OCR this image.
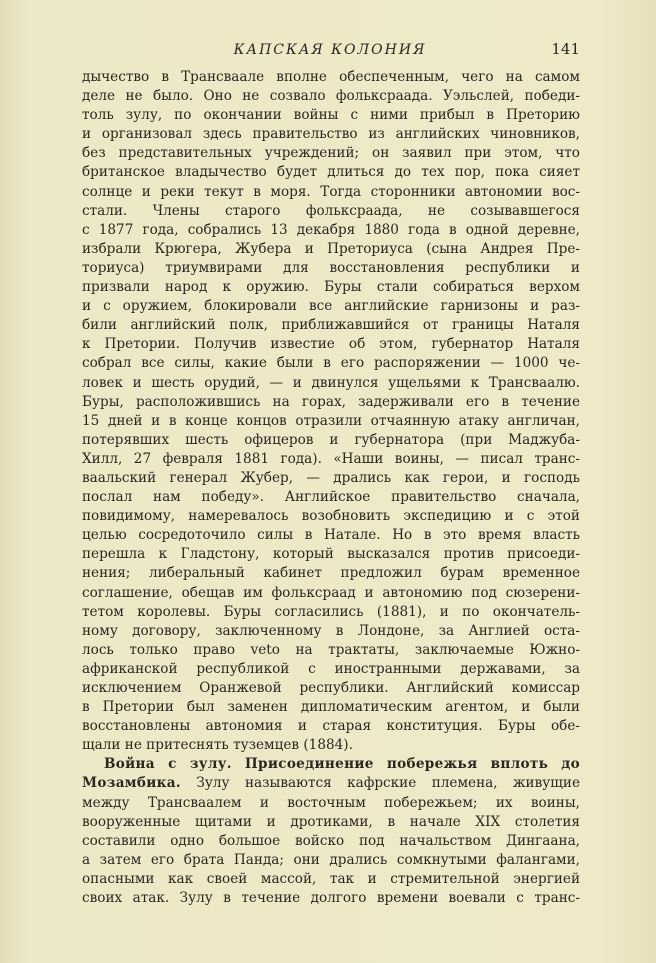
КАПСКАЯ КОЛОНИЯ	141
дычество в Трансваале вполне обеспеченным, чего на самом
деле не было. Оно не созвало фольксраада. Уэльслей, победи-
толь зулу, по окончании войны с ними прибыл в Преторию
и организовал здесь правительство из английских чиновников,
без представительных учреждений; он заявил при этом, что
британское владычество будет длиться до тех пор, пока сияет
солнце и реки текут в моря. Тогда сторонники автономии вос-
стали. Члены старого фольксраада, не созывавшегося
с 1877 года, собрались 13 декабря 1880 года в одной деревне,
избрали Крюгера, Жубера и Преториуса (сына Андрея Пре-
ториуса) триумвирами для восстановления республики и
призвали народ к оружию. Буры стали собираться верхом
и с оружием, блокировали все английские гарнизоны и раз-
били английский полк, приближавшийся от границы Наталя
к Претории. Получив известие об этом, губернатор Наталя
собрал все силы, какие были в его распоряжении — 1000 че-
ловек и шесть орудий, — и двинулся ущельями к Трансваалю.
Буры, расположившись на горах, задерживали его в течение
15 дней и в конце концов отразили отчаянную атаку англичан,
потерявших шесть офицеров и губернатора (при Маджуба-
Хилл, 27 февраля 1881 года). «Наши воины, — писал транс-
ваальский генерал Жубер, — дрались как герои, и господь
послал нам победу». Английское правительство сначала,
повидимому, намеревалось возобновить экспедицию и с этой
целью сосредоточило силы в Натале. Но в это время власть
перешла к Гладстону, который высказался против присоеди-
нения; либеральный кабинет предложил бурам временное
соглашение, обещав им фольксраад и автономию под сюзерени-
тетом королевы. Буры согласились (1881), и по окончатель-
ному договору, заключенному в Лондоне, за Англией оста-
лось только право veto на трактаты, заключаемые Южно-
африканской республикой с иностранными державами, за
исключением Оранжевой республики. Английский комиссар
в Претории был заменен дипломатическим агентом, и были
восстановлены автономия и старая конституция. Буры обе-
щали не притеснять туземцев (1884).
Война с зулу. Присоединение побережья вплоть до
Мозамбика. Зулу называются кафрские племена, живущие
между Трансваалем и восточным побережьем; их воины,
вооруженные щитами и дротиками, в начале XIX столетия
составили одно большое войско под начальством Дингаана,
а затем его брата Панда; они дрались сомкнутыми фалангами,
опасными как своей массой, так и стремительной энергией
своих атак. Зулу в течение долгого времени воевали с транс-
